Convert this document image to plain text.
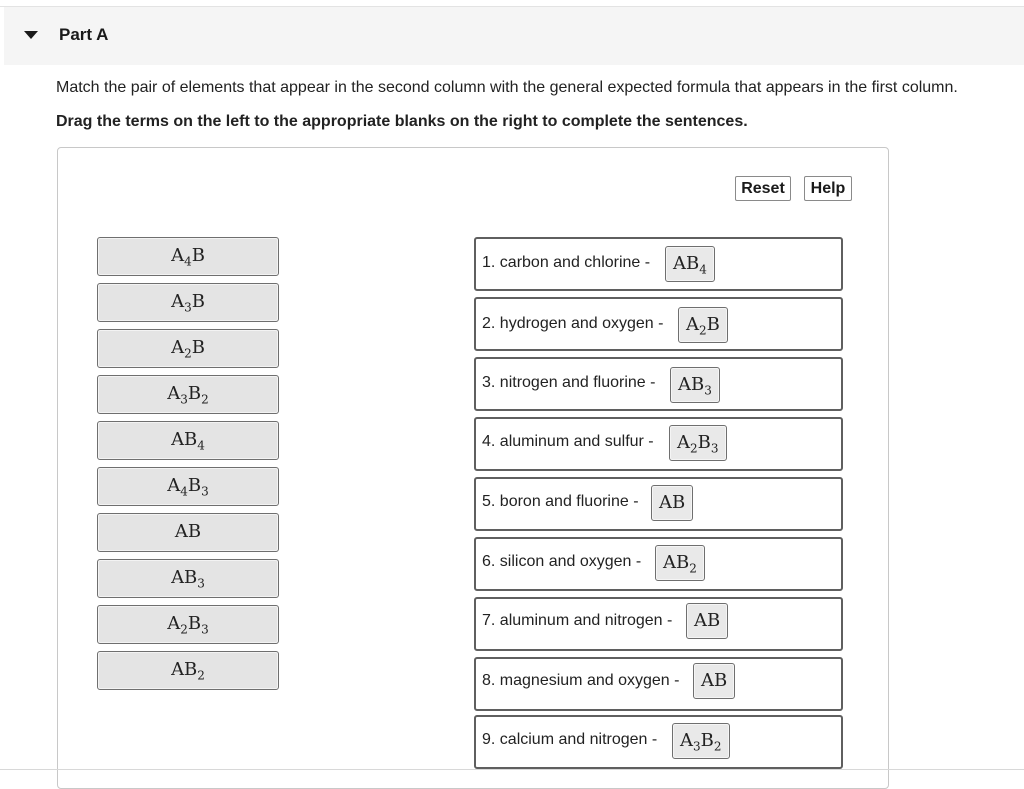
Part A
Match the pair of elements that appear in the second column with the general expected formula that appears in the first column.
Drag the terms on the left to the appropriate blanks on the right to complete the sentences.
Reset	Help
$A_4B$
$A_3B$
$A_2B$
$A_3B_2$
$AB_4$
$A_4B_3$
AB
$AB_3$
$A_2B_3$
$AB_2$
1. carbon and chlorine -	$AB_4$
2. hydrogen and oxygen -	$A_2B$
3. nitrogen and fluorine -	$AB_3$
4. aluminum and sulfur -	$A_2B_3$
5. boron and fluorine -	AB
6. silicon and oxygen -	$AB_2$
7. aluminum and nitrogen -	AB
8. magnesium and oxygen -	AB
9. calcium and nitrogen -	$A_3B_2$
